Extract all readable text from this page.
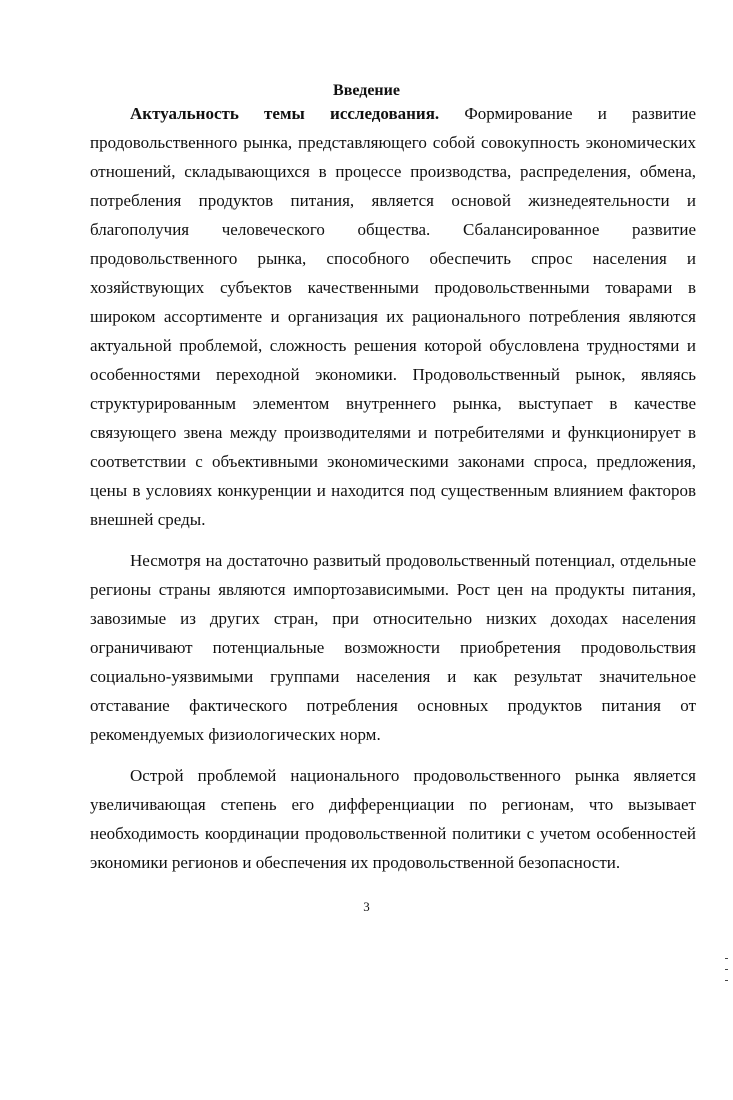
Введение

Актуальность темы исследования. Формирование и развитие продовольственного рынка, представляющего собой совокупность экономических отношений, складывающихся в процессе производства, распределения, обмена, потребления продуктов питания, является основой жизнедеятельности и благополучия человеческого общества. Сбалансированное развитие продовольственного рынка, способного обеспечить спрос населения и хозяйствующих субъектов качественными продовольственными товарами в широком ассортименте и организация их рационального потребления являются актуальной проблемой, сложность решения которой обусловлена трудностями и особенностями переходной экономики. Продовольственный рынок, являясь структурированным элементом внутреннего рынка, выступает в качестве связующего звена между производителями и потребителями и функционирует в соответствии с объективными экономическими законами спроса, предложения, цены в условиях конкуренции и находится под существенным влиянием факторов внешней среды.

Несмотря на достаточно развитый продовольственный потенциал, отдельные регионы страны являются импортозависимыми. Рост цен на продукты питания, завозимые из других стран, при относительно низких доходах населения ограничивают потенциальные возможности приобретения продовольствия социально-уязвимыми группами населения и как результат значительное отставание фактического потребления основных продуктов питания от рекомендуемых физиологических норм.

Острой проблемой национального продовольственного рынка является увеличивающая степень его дифференциации по регионам, что вызывает необходимость координации продовольственной политики с учетом особенностей экономики регионов и обеспечения их продовольственной безопасности.

3
